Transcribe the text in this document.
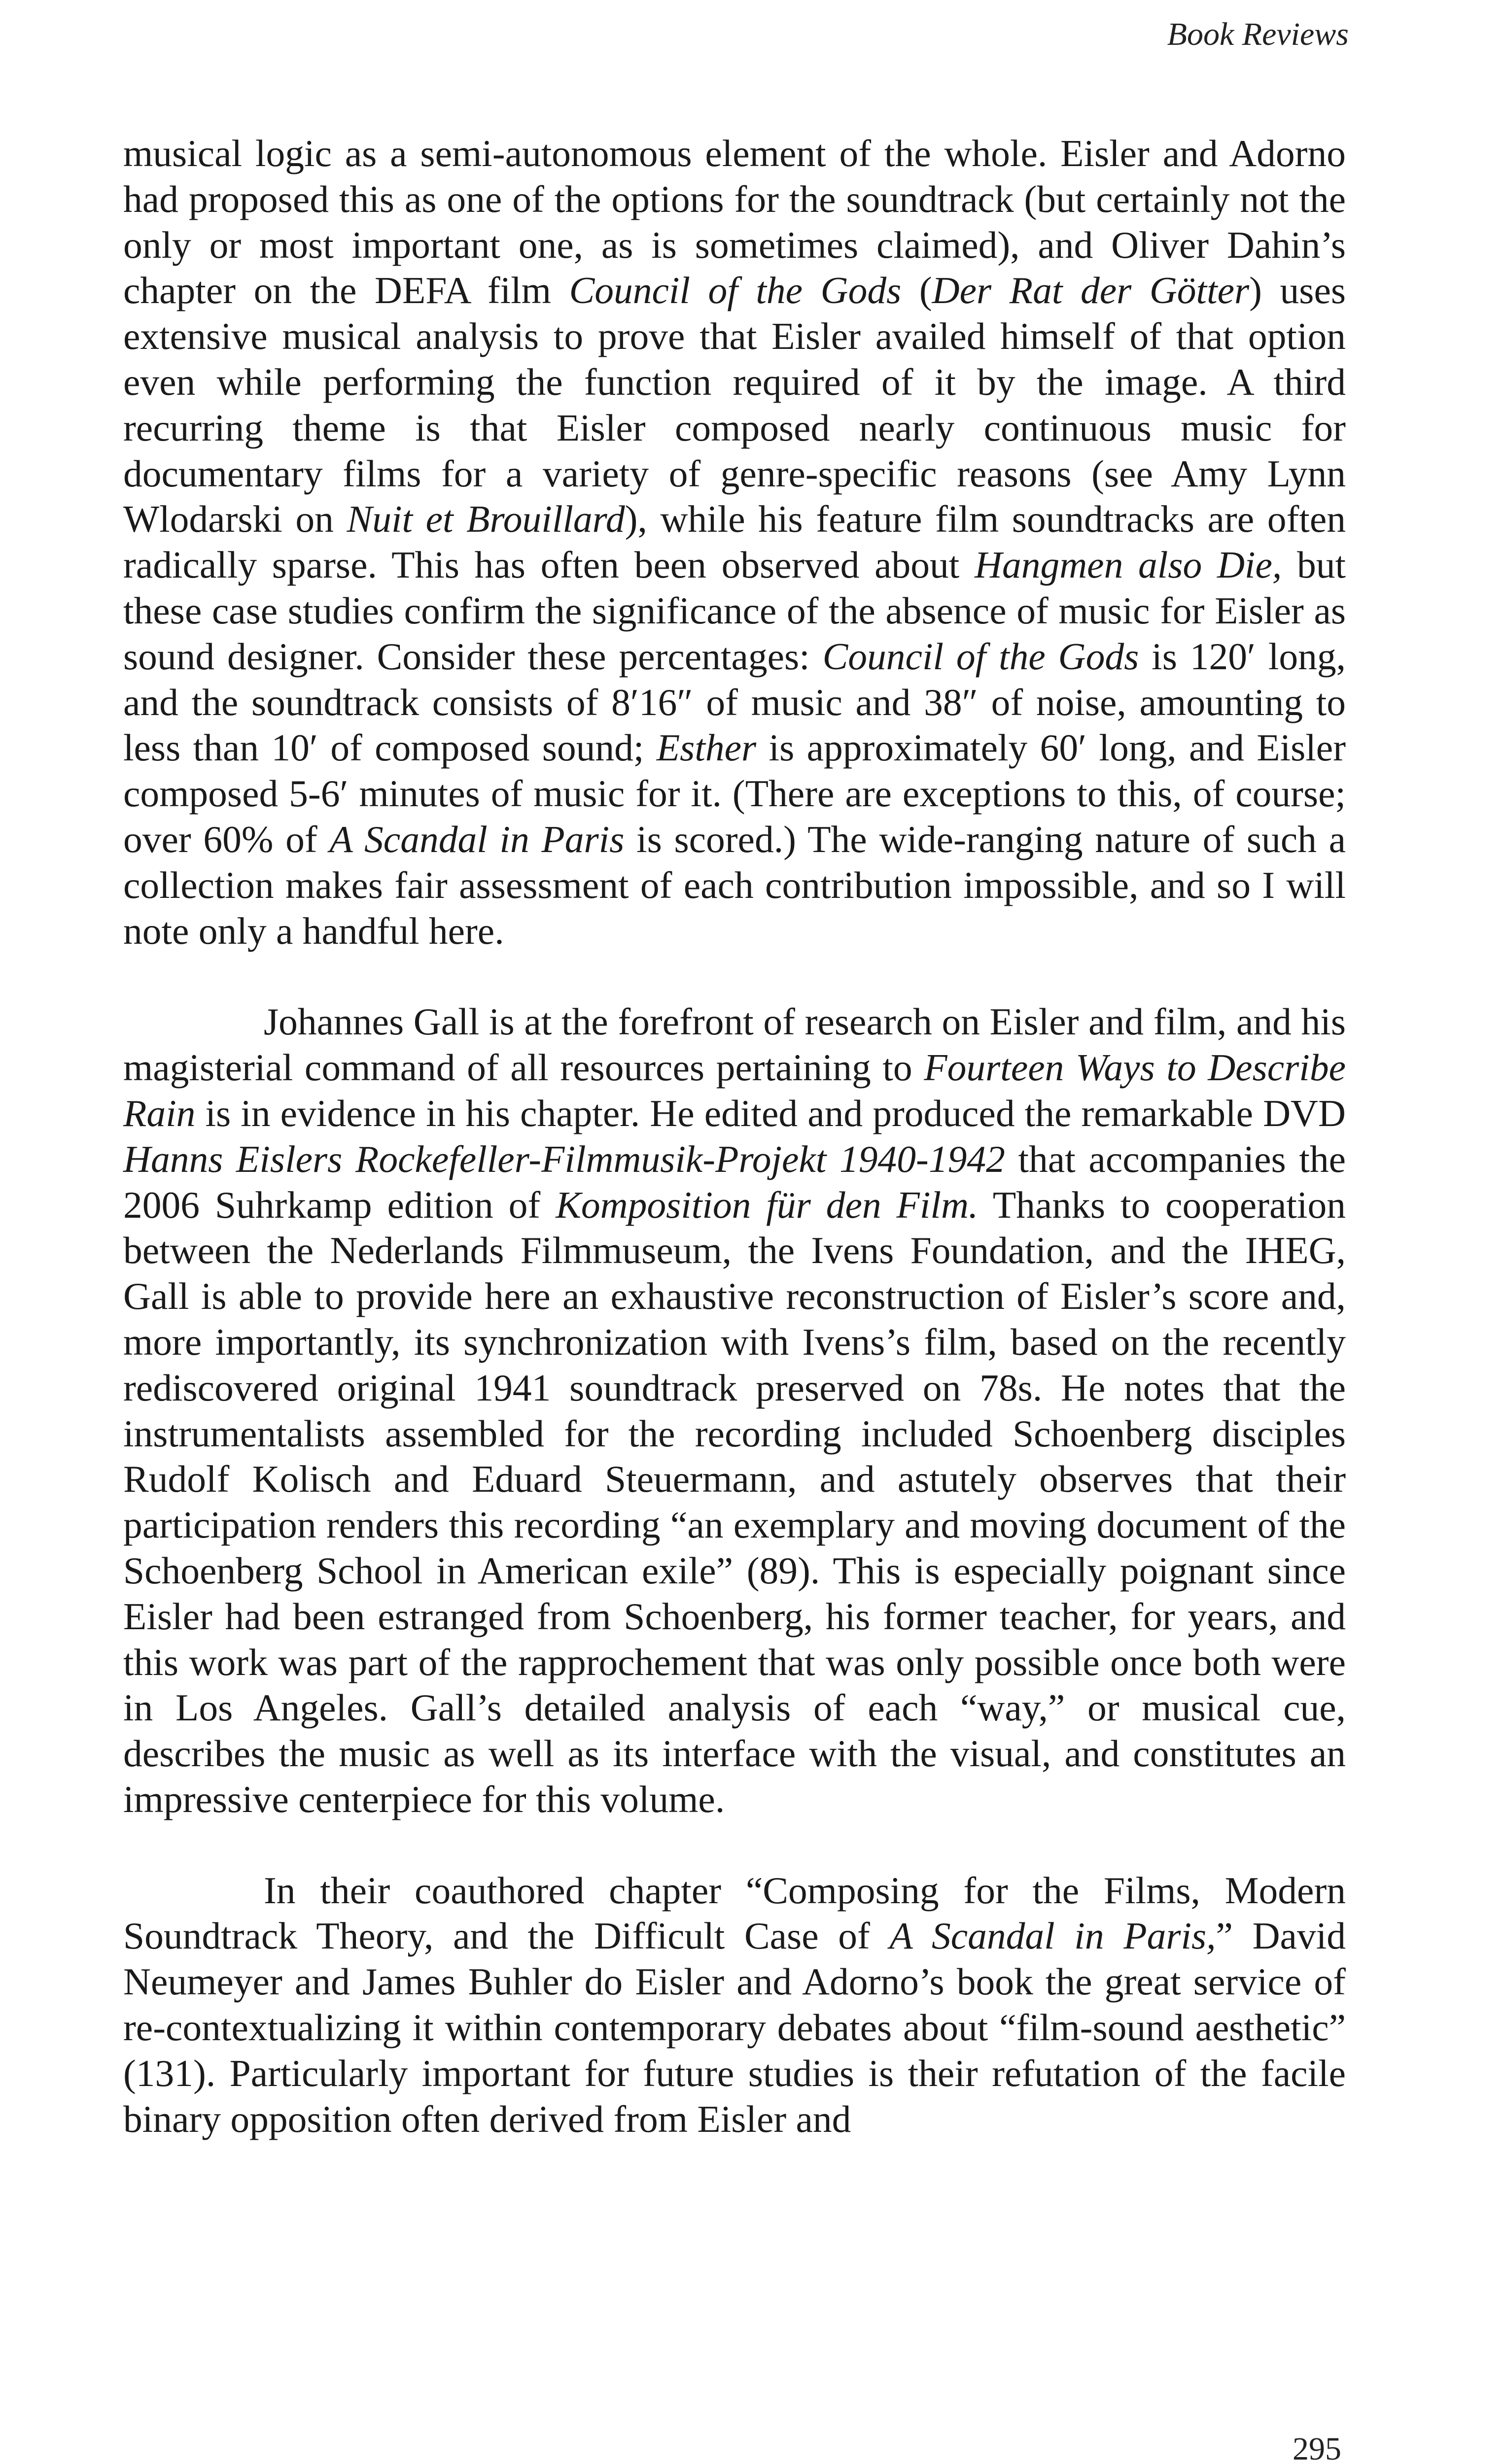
Book Reviews

musical logic as a semi-autonomous element of the whole. Eisler and Adorno had proposed this as one of the options for the soundtrack (but certainly not the only or most important one, as is sometimes claimed), and Oliver Dahin’s chapter on the DEFA film Council of the Gods (Der Rat der Götter) uses extensive musical analysis to prove that Eisler availed himself of that option even while performing the function required of it by the image. A third recurring theme is that Eisler composed nearly continuous music for documentary films for a variety of genre-specific reasons (see Amy Lynn Wlodarski on Nuit et Brouillard), while his feature film soundtracks are often radically sparse. This has often been observed about Hangmen also Die, but these case studies confirm the significance of the absence of music for Eisler as sound designer. Consider these percentages: Council of the Gods is 120′ long, and the soundtrack consists of 8′16″ of music and 38″ of noise, amounting to less than 10′ of composed sound; Esther is approximately 60′ long, and Eisler composed 5-6′ minutes of music for it. (There are exceptions to this, of course; over 60% of A Scandal in Paris is scored.) The wide-ranging nature of such a collection makes fair assessment of each contribution impossible, and so I will note only a handful here.

Johannes Gall is at the forefront of research on Eisler and film, and his magisterial command of all resources pertaining to Fourteen Ways to Describe Rain is in evidence in his chapter. He edited and produced the remarkable DVD Hanns Eislers Rockefeller-Filmmusik-Projekt 1940-1942 that accompanies the 2006 Suhrkamp edition of Komposition für den Film. Thanks to cooperation between the Nederlands Filmmuseum, the Ivens Foundation, and the IHEG, Gall is able to provide here an exhaustive reconstruction of Eisler’s score and, more importantly, its synchronization with Ivens’s film, based on the recently rediscovered original 1941 soundtrack preserved on 78s. He notes that the instrumentalists assembled for the recording included Schoenberg disciples Rudolf Kolisch and Eduard Steuermann, and astutely observes that their participation renders this recording “an exemplary and moving document of the Schoenberg School in American exile” (89). This is especially poignant since Eisler had been estranged from Schoenberg, his former teacher, for years, and this work was part of the rapprochement that was only possible once both were in Los Angeles. Gall’s detailed analysis of each “way,” or musical cue, describes the music as well as its interface with the visual, and constitutes an impressive centerpiece for this volume.

In their coauthored chapter “Composing for the Films, Modern Soundtrack Theory, and the Difficult Case of A Scandal in Paris,” David Neumeyer and James Buhler do Eisler and Adorno’s book the great service of re-contextualizing it within contemporary debates about “film-sound aesthetic” (131). Particularly important for future studies is their refutation of the facile binary opposition often derived from Eisler and

295
